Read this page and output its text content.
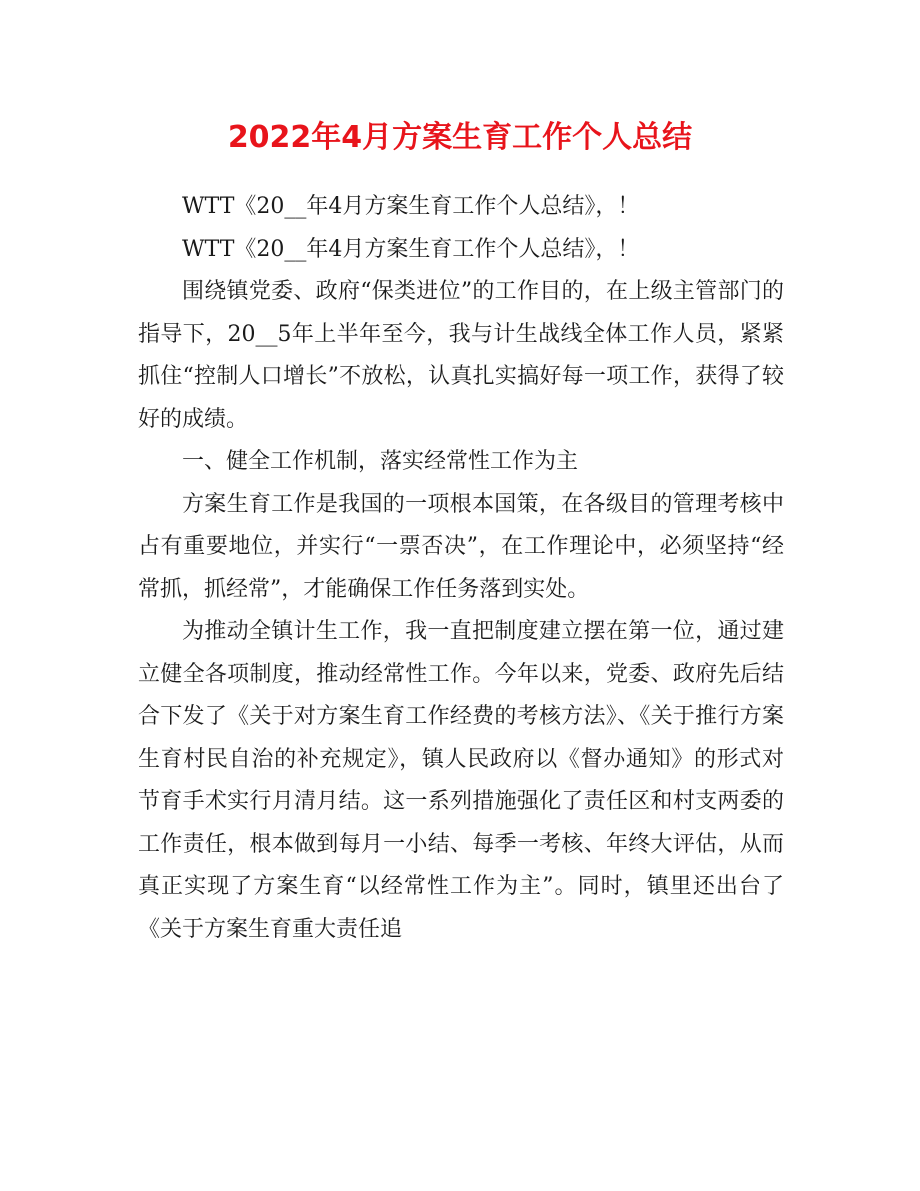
2022年4月方案生育工作个人总结

WTT《20__年4月方案生育工作个人总结》，！

WTT《20__年4月方案生育工作个人总结》，！

围绕镇党委、政府“保类进位”的工作目的，在上级主管部门的指导下，20__5年上半年至今，我与计生战线全体工作人员，紧紧抓住“控制人口增长”不放松，认真扎实搞好每一项工作，获得了较好的成绩。

一、健全工作机制，落实经常性工作为主

方案生育工作是我国的一项根本国策，在各级目的管理考核中占有重要地位，并实行“一票否决”，在工作理论中，必须坚持“经常抓，抓经常”，才能确保工作任务落到实处。

为推动全镇计生工作，我一直把制度建立摆在第一位，通过建立健全各项制度，推动经常性工作。今年以来，党委、政府先后结合下发了《关于对方案生育工作经费的考核方法》、《关于推行方案生育村民自治的补充规定》，镇人民政府以《督办通知》的形式对节育手术实行月清月结。这一系列措施强化了责任区和村支两委的工作责任，根本做到每月一小结、每季一考核、年终大评估，从而真正实现了方案生育“以经常性工作为主”。同时，镇里还出台了《关于方案生育重大责任追
